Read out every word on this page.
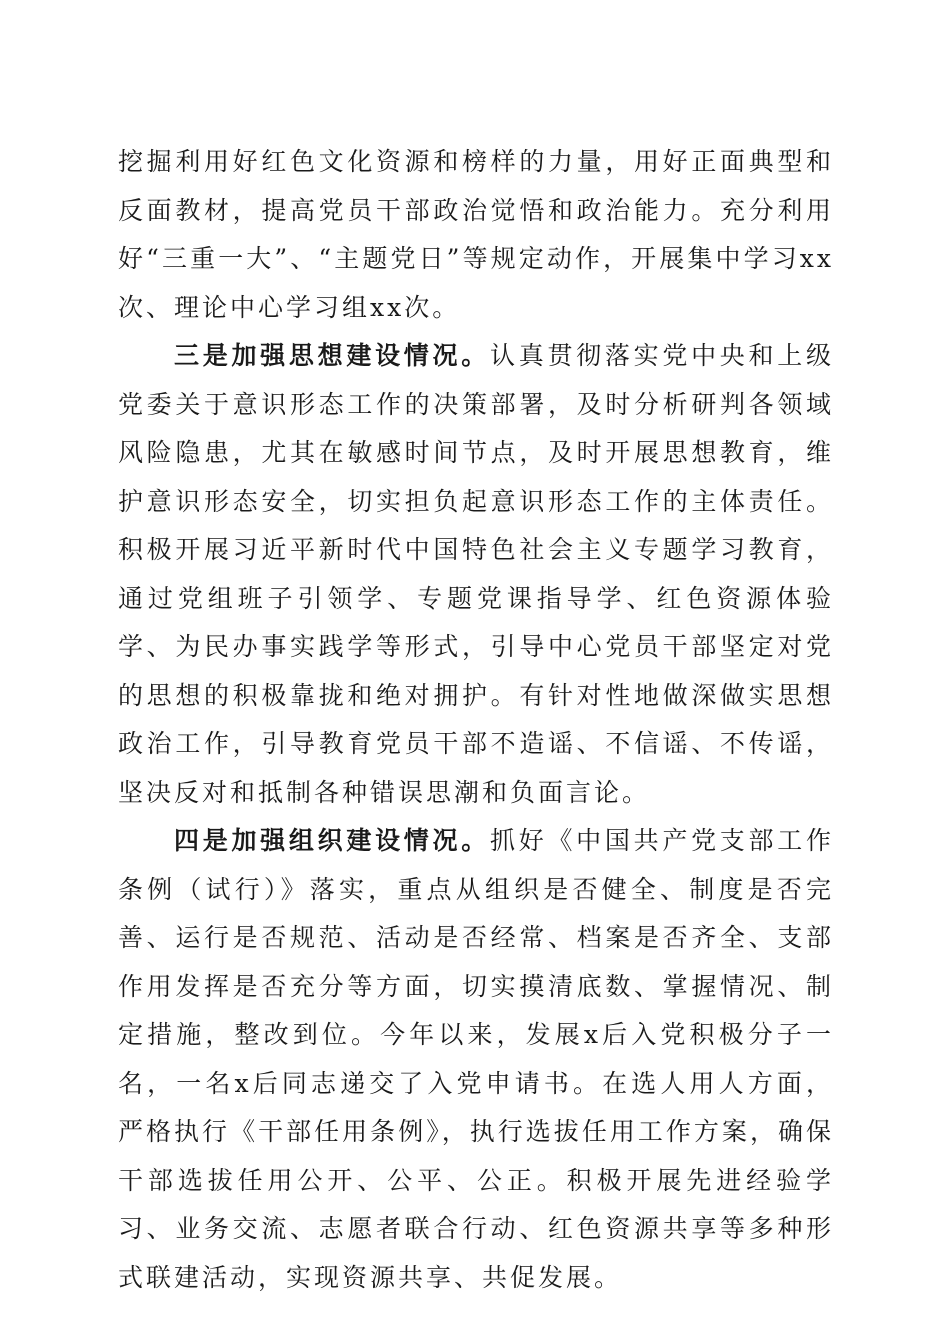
挖掘利用好红色文化资源和榜样的力量，用好正面典型和反面教材，提高党员干部政治觉悟和政治能力。充分利用好“三重一大”、“主题党日”等规定动作，开展集中学习xx次、理论中心学习组xx次。

三是加强思想建设情况。认真贯彻落实党中央和上级党委关于意识形态工作的决策部署，及时分析研判各领域风险隐患，尤其在敏感时间节点，及时开展思想教育，维护意识形态安全，切实担负起意识形态工作的主体责任。积极开展习近平新时代中国特色社会主义专题学习教育，通过党组班子引领学、专题党课指导学、红色资源体验学、为民办事实践学等形式，引导中心党员干部坚定对党的思想的积极靠拢和绝对拥护。有针对性地做深做实思想政治工作，引导教育党员干部不造谣、不信谣、不传谣，坚决反对和抵制各种错误思潮和负面言论。

四是加强组织建设情况。抓好《中国共产党支部工作条例（试行）》落实，重点从组织是否健全、制度是否完善、运行是否规范、活动是否经常、档案是否齐全、支部作用发挥是否充分等方面，切实摸清底数、掌握情况、制定措施，整改到位。今年以来，发展x后入党积极分子一名，一名x后同志递交了入党申请书。在选人用人方面，严格执行《干部任用条例》，执行选拔任用工作方案，确保干部选拔任用公开、公平、公正。积极开展先进经验学习、业务交流、志愿者联合行动、红色资源共享等多种形式联建活动，实现资源共享、共促发展。
